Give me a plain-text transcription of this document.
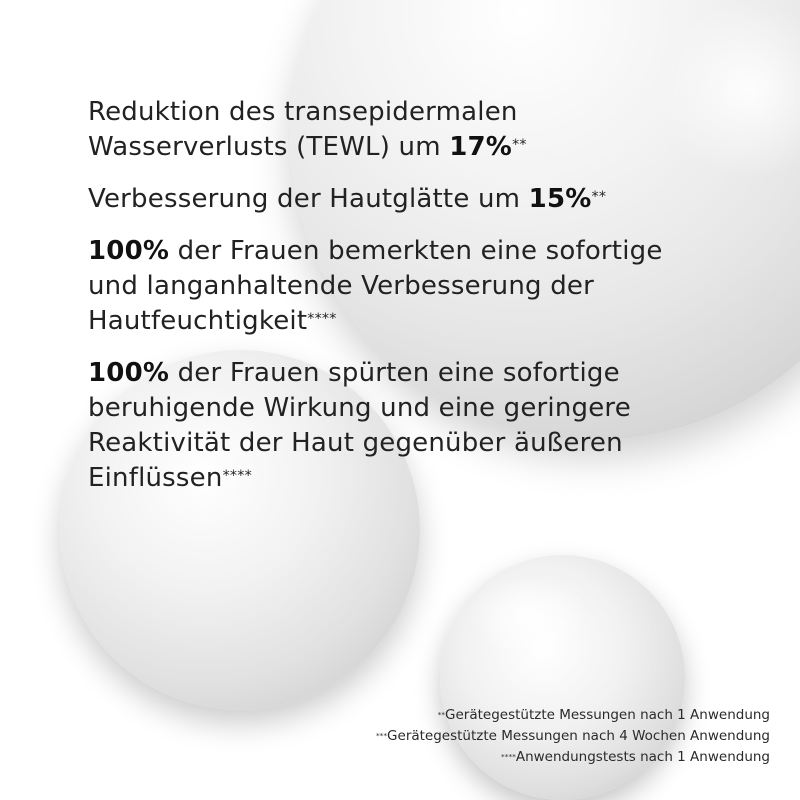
Reduktion des transepidermalen
Wasserverlusts (TEWL) um 17%**

Verbesserung der Hautglätte um 15%**

100% der Frauen bemerkten eine sofortige
und langanhaltende Verbesserung der
Hautfeuchtigkeit****

100% der Frauen spürten eine sofortige
beruhigende Wirkung und eine geringere
Reaktivität der Haut gegenüber äußeren
Einflüssen****

**Gerätegestützte Messungen nach 1 Anwendung

***Gerätegestützte Messungen nach 4 Wochen Anwendung

****Anwendungstests nach 1 Anwendung
